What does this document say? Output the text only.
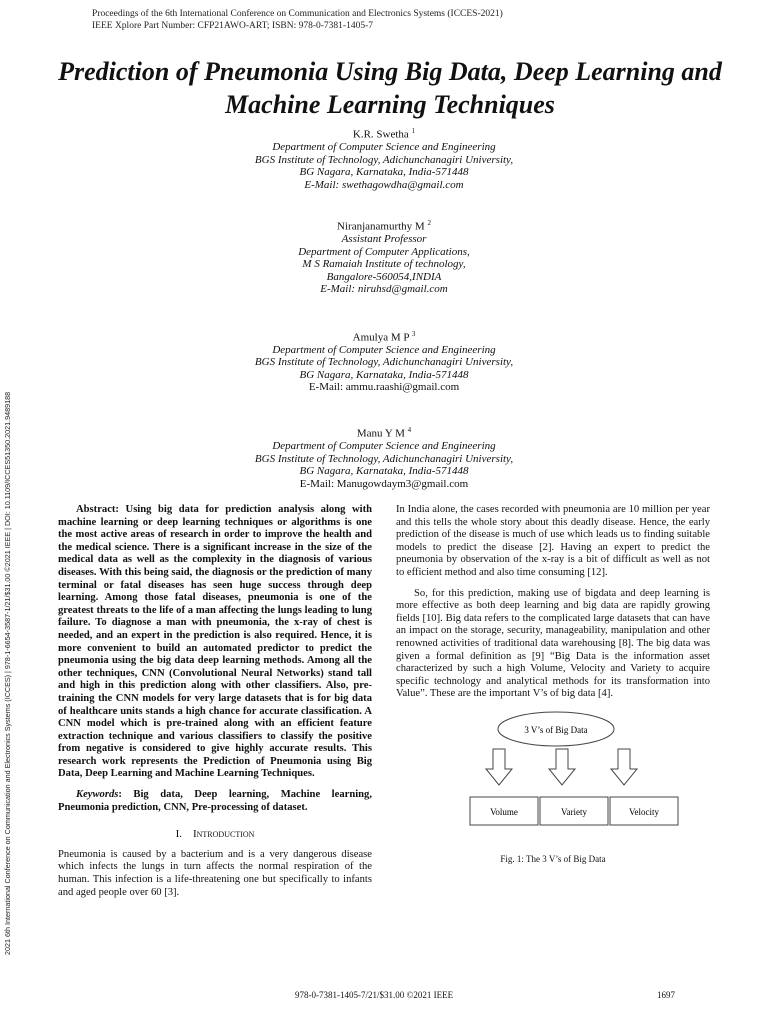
Proceedings of the 6th International Conference on Communication and Electronics Systems (ICCES-2021)
IEEE Xplore Part Number: CFP21AWO-ART; ISBN: 978-0-7381-1405-7
Prediction of Pneumonia Using Big Data, Deep Learning and Machine Learning Techniques
2021 6th International Conference on Communication and Electronics Systems (ICCES) | 978-1-6654-3587-1/21/$31.00 ©2021 IEEE | DOI: 10.1109/ICCES51350.2021.9489188
K.R. Swetha $^1$
Department of Computer Science and Engineering
BGS Institute of Technology, Adichunchanagiri University,
BG Nagara, Karnataka, India-571448
E-Mail: swethagowdha@gmail.com
Niranjanamurthy M $^2$
Assistant Professor
Department of Computer Applications,
M S Ramaiah Institute of technology,
Bangalore-560054,INDIA
E-Mail: niruhsd@gmail.com
Amulya M P $^3$
Department of Computer Science and Engineering
BGS Institute of Technology, Adichunchanagiri University,
BG Nagara, Karnataka, India-571448
E-Mail: ammu.raashi@gmail.com
Manu Y M $^4$
Department of Computer Science and Engineering
BGS Institute of Technology, Adichunchanagiri University,
BG Nagara, Karnataka, India-571448
E-Mail: Manugowdaym3@gmail.com

Abstract: Using big data for prediction analysis along with machine learning or deep learning techniques or algorithms is one the most active areas of research in order to improve the health and the medical science. There is a significant increase in the size of the medical data as well as the complexity in the diagnosis of various diseases. With this being said, the diagnosis or the prediction of many terminal or fatal diseases has seen huge success through deep learning. Among those fatal diseases, pneumonia is one of the greatest threats to the life of a man affecting the lungs leading to lung failure. To diagnose a man with pneumonia, the x-ray of chest is needed, and an expert in the prediction is also required. Hence, it is more convenient to build an automated predictor to predict the pneumonia using the big data deep learning methods. Among all the other techniques, CNN (Convolutional Neural Networks) stand tall and high in this prediction along with other classifiers. Also, pre-training the CNN models for very large datasets that is for big data of healthcare units stands a high chance for accurate classification. A CNN model which is pre-trained along with an efficient feature extraction technique and various classifiers to classify the positive from negative is considered to give highly accurate results. This research work represents the Prediction of Pneumonia using Big Data, Deep Learning and Machine Learning Techniques.

Keywords: Big data, Deep learning, Machine learning, Pneumonia prediction, CNN, Pre-processing of dataset.

I. Introduction

Pneumonia is caused by a bacterium and is a very dangerous disease which infects the lungs in turn affects the normal respiration of the human. This infection is a life-threatening one but specifically to infants and aged people over 60 [3].

In India alone, the cases recorded with pneumonia are 10 million per year and this tells the whole story about this deadly disease. Hence, the early prediction of the disease is much of use which leads us to finding suitable models to predict the disease [2]. Having an expert to predict the pneumonia by observation of the x-ray is a bit of difficult as well as not to efficient method and also time consuming [12].

So, for this prediction, making use of bigdata and deep learning is more effective as both deep learning and big data are rapidly growing fields [10]. Big data refers to the complicated large datasets that can have an impact on the storage, security, manageability, manipulation and other renowned activities of traditional data warehousing [8]. The big data was given a formal definition as [9] “Big Data is the information asset characterized by such a high Volume, Velocity and Variety to acquire specific technology and analytical methods for its transformation into Value”. These are the important V’s of big data [4].

3 V’s of Big Data
Volume	Variety	Velocity
Fig. 1: The 3 V’s of Big Data
978-0-7381-1405-7/21/$31.00 ©2021 IEEE	1697
